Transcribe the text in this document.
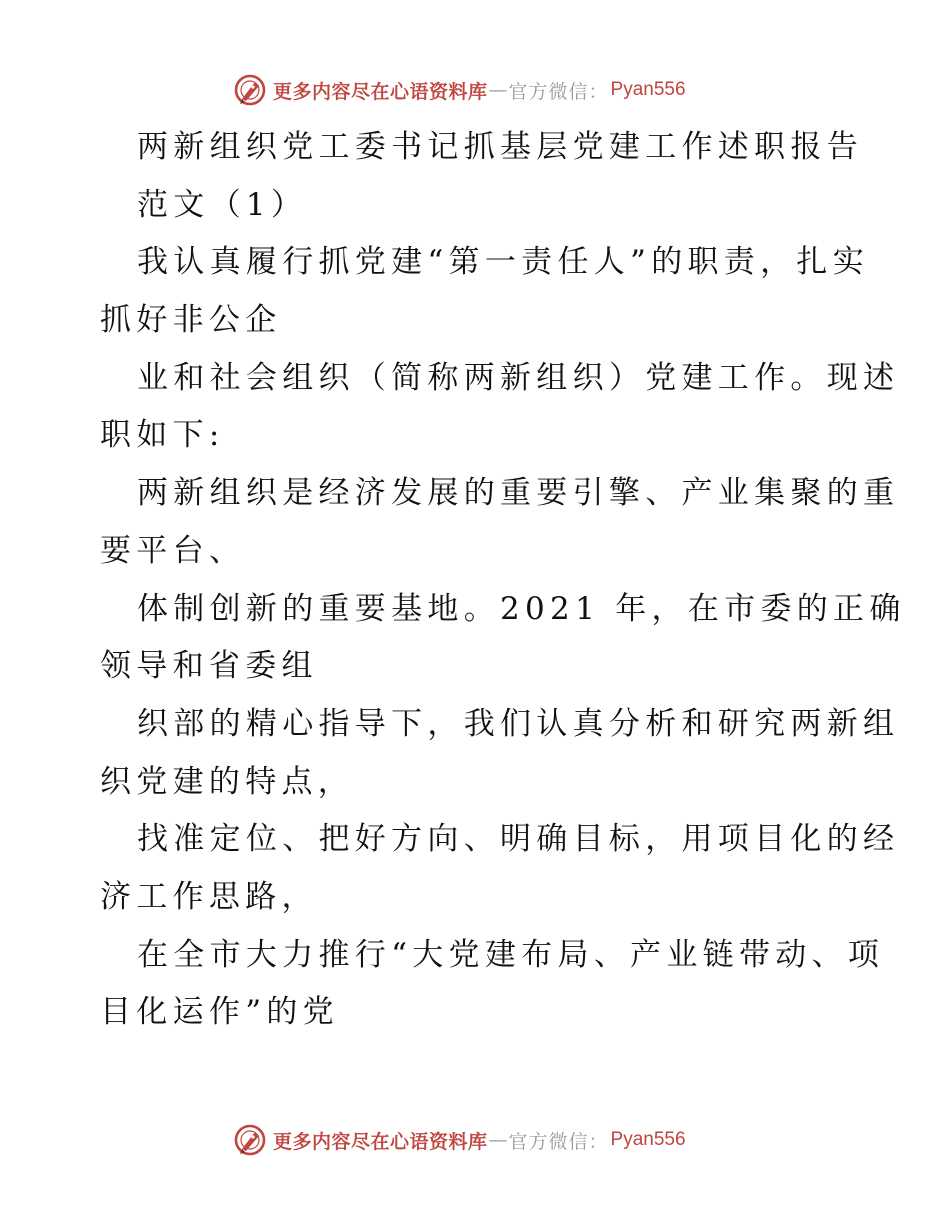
更多内容尽在心语资料库 — 官方微信： Pyan556
两新组织党工委书记抓基层党建工作述职报告
范文（1）
我认真履行抓党建“第一责任人”的职责，扎实
抓好非公企
业和社会组织（简称两新组织）党建工作。现述
职如下:
两新组织是经济发展的重要引擎、产业集聚的重
要平台、
体制创新的重要基地。2021 年，在市委的正确
领导和省委组
织部的精心指导下，我们认真分析和研究两新组
织党建的特点，
找准定位、把好方向、明确目标，用项目化的经
济工作思路，
在全市大力推行“大党建布局、产业链带动、项
目化运作”的党
更多内容尽在心语资料库 — 官方微信： Pyan556
